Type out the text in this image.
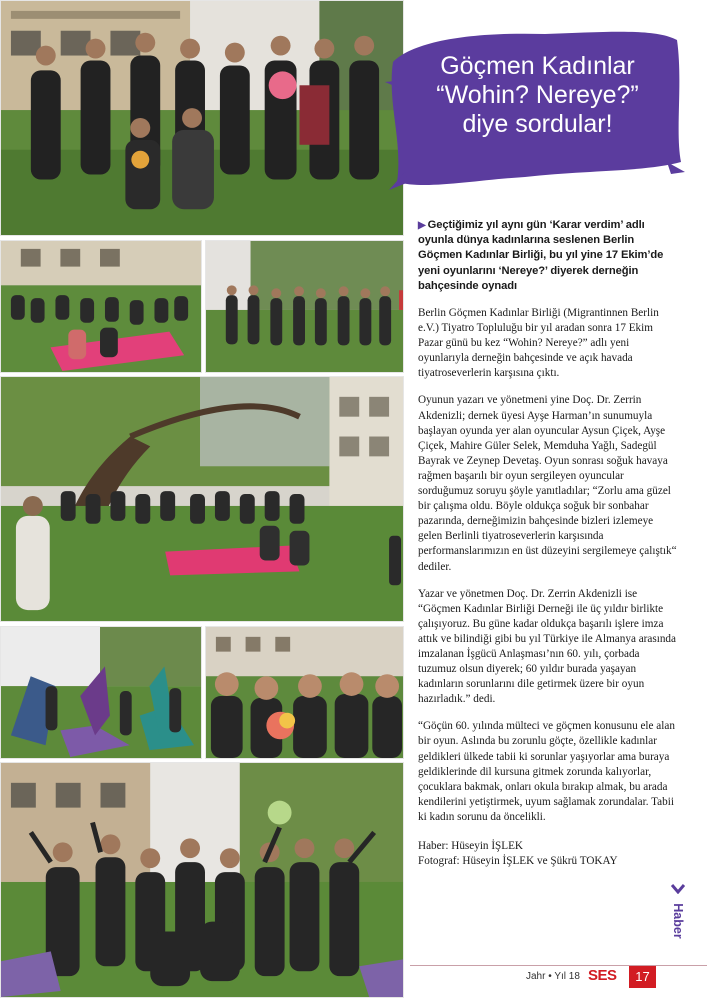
Göçmen Kadınlar
“Wohin? Nereye?”
diye sordular!

▶ Geçtiğimiz yıl aynı gün ‘Karar verdim’ adlı oyunla dünya kadınlarına seslenen Berlin Göçmen Kadınlar Birliği, bu yıl yine 17 Ekim’de yeni oyunlarını ‘Nereye?’ diyerek derneğin bahçesinde oynadı

Berlin Göçmen Kadınlar Birliği (Migrantinnen Berlin e.V.) Tiyatro Topluluğu bir yıl aradan sonra 17 Ekim Pazar günü bu kez “Wohin? Nereye?” adlı yeni oyunlarıyla derneğin bahçesinde ve açık havada tiyatroseverlerin karşısına çıktı.

Oyunun yazarı ve yönetmeni yine Doç. Dr. Zerrin Akdenizli; dernek üyesi Ayşe Harman’ın sunumuyla başlayan oyunda yer alan oyuncular Aysun Çiçek, Ayşe Çiçek, Mahire Güler Selek, Memduha Yağlı, Sadegül Bayrak ve Zeynep Devetaş. Oyun sonrası soğuk havaya rağmen başarılı bir oyun sergileyen oyuncular sorduğumuz soruyu şöyle yanıtladılar; “Zorlu ama güzel bir çalışma oldu. Böyle oldukça soğuk bir sonbahar pazarında, derneğimizin bahçesinde bizleri izlemeye gelen Berlinli tiyatroseverlerin karşısında performanslarımızın en üst düzeyini sergilemeye çalıştık“ dediler.

Yazar ve yönetmen Doç. Dr. Zerrin Akdenizli ise “Göçmen Kadınlar Birliği Derneği ile üç yıldır birlikte çalışıyoruz. Bu güne kadar oldukça başarılı işlere imza attık ve bilindiği gibi bu yıl Türkiye ile Almanya arasında imzalanan İşgücü Anlaşması’nın 60. yılı, çorbada tuzumuz olsun diyerek; 60 yıldır burada yaşayan kadınların sorunlarını dile getirmek üzere bir oyun hazırladık.” dedi.

“Göçün 60. yılında mülteci ve göçmen konusunu ele alan bir oyun. Aslında bu zorunlu göçte, özellikle kadınlar geldikleri ülkede tabii ki sorunlar yaşıyorlar ama buraya geldiklerinde dil kursuna gitmek zorunda kalıyorlar, çocuklara bakmak, onları okula bırakıp almak, bu arada kendilerini yetiştirmek, uyum sağlamak zorundalar. Tabii ki kadın sorunu da öncelikli.

Haber: Hüseyin İŞLEK

Fotograf: Hüseyin İŞLEK ve Şükrü TOKAY

Haber
Jahr • Yıl 18 SES	17
